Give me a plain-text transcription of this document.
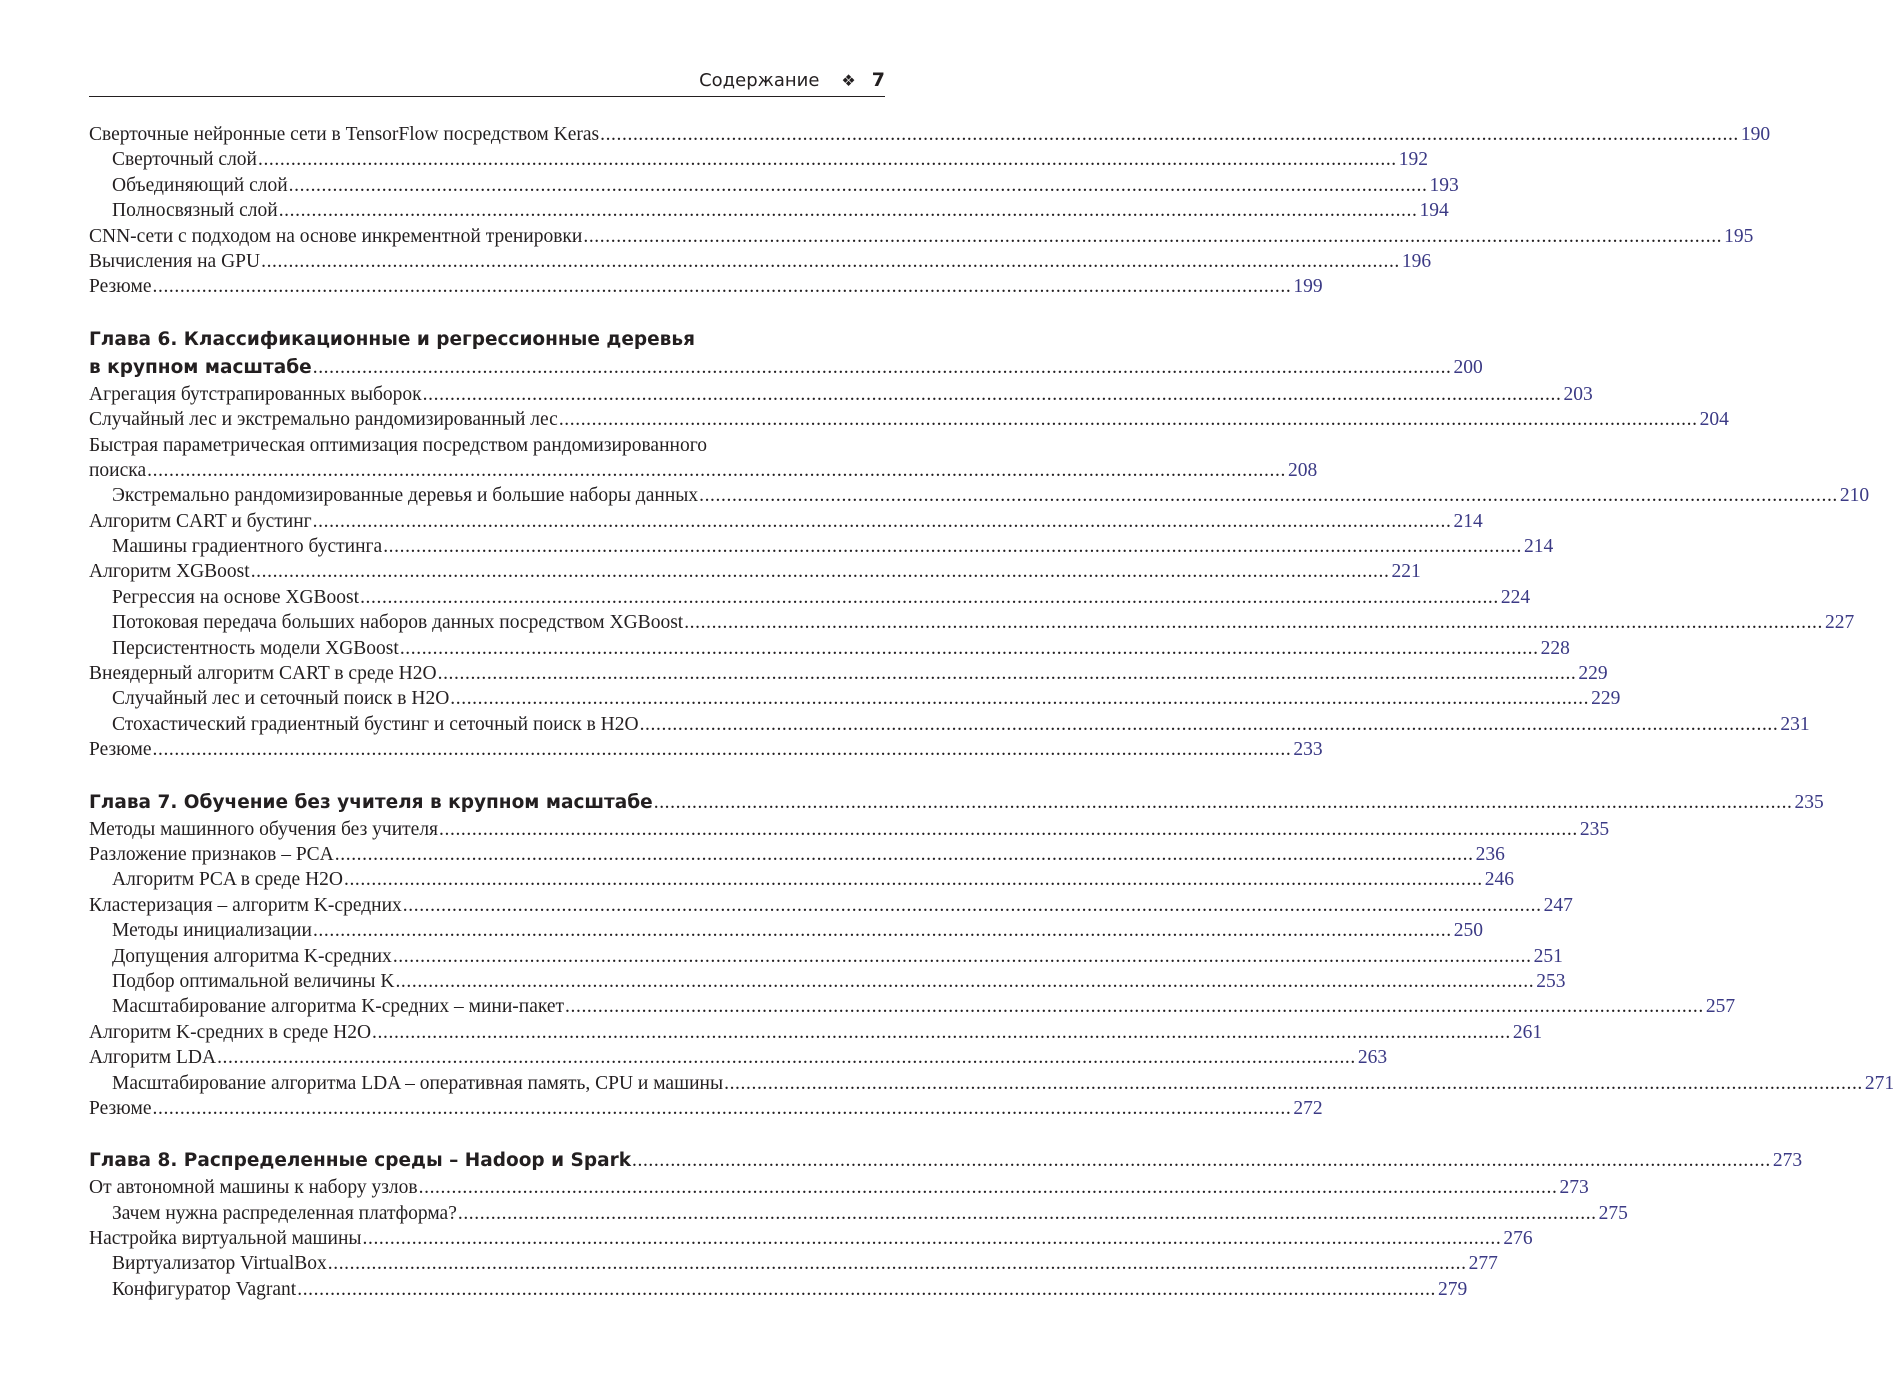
Содержание ❖ 7
Сверточные нейронные сети в TensorFlow посредством Keras .....	190
Сверточный слой .....	192
Объединяющий слой .....	193
Полносвязный слой .....	194
CNN-сети с подходом на основе инкрементной тренировки .....	195
Вычисления на GPU .....	196
Резюме .....	199
Глава 6. Классификационные и регрессионные деревья
в крупном масштабе .....	200
Агрегация бутстрапированных выборок .....	203
Случайный лес и экстремально рандомизированный лес .....	204
Быстрая параметрическая оптимизация посредством рандомизированного
поиска .....	208
Экстремально рандомизированные деревья и большие наборы данных .....	210
Алгоритм CART и бустинг .....	214
Машины градиентного бустинга .....	214
Алгоритм XGBoost .....	221
Регрессия на основе XGBoost .....	224
Потоковая передача больших наборов данных посредством XGBoost .....	227
Персистентность модели XGBoost .....	228
Внеядерный алгоритм CART в среде H2O .....	229
Случайный лес и сеточный поиск в H2O .....	229
Стохастический градиентный бустинг и сеточный поиск в H2O .....	231
Резюме .....	233
Глава 7. Обучение без учителя в крупном масштабе .....	235
Методы машинного обучения без учителя .....	235
Разложение признаков – PCA .....	236
Алгоритм PCA в среде H2O .....	246
Кластеризация – алгоритм K-средних .....	247
Методы инициализации .....	250
Допущения алгоритма K-средних .....	251
Подбор оптимальной величины K .....	253
Масштабирование алгоритма K-средних – мини-пакет .....	257
Алгоритм K-средних в среде H2O .....	261
Алгоритм LDA .....	263
Масштабирование алгоритма LDA – оперативная память, CPU и машины .....	271
Резюме .....	272
Глава 8. Распределенные среды – Hadoop и Spark .....	273
От автономной машины к набору узлов .....	273
Зачем нужна распределенная платформа? .....	275
Настройка виртуальной машины .....	276
Виртуализатор VirtualBox .....	277
Конфигуратор Vagrant .....	279
